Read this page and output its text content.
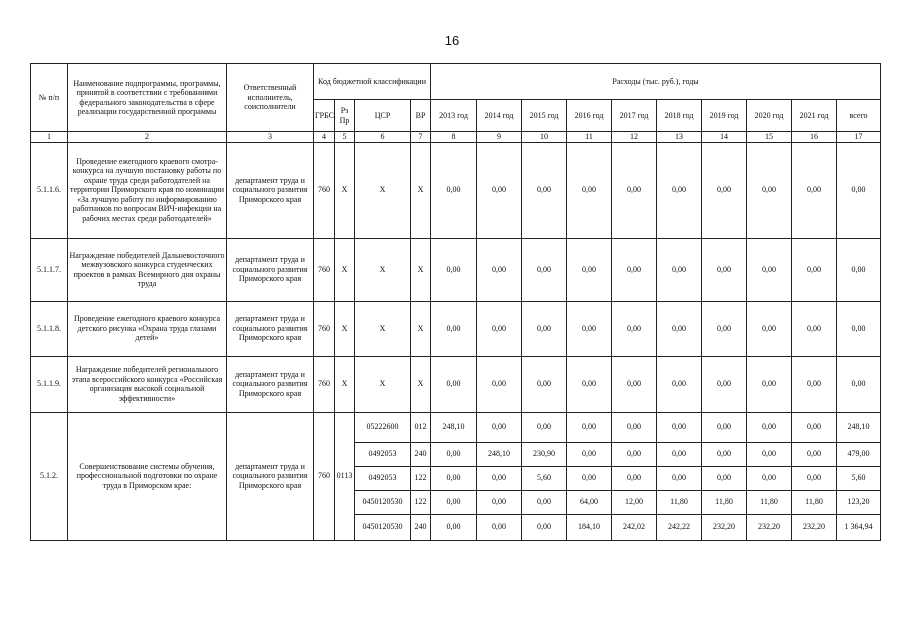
16
№ п/п	Наименование подпрограммы, программы, принятой в соответствии с требованиями федерального законодательства в сфере реализации государственной программы	Ответственный исполнитель, соисполнители	Код бюджетной классификации				Расходы (тыс. руб.), годы									
			ГРБС	Рз Пр	ЦСР	ВР	2013 год	2014 год	2015 год	2016 год	2017 год	2018 год	2019 год	2020 год	2021 год	всего
1	2	3	4	5	6	7	8	9	10	11	12	13	14	15	16	17
5.1.1.6.	Проведение ежегодного краевого смотра-конкурса на лучшую постановку работы по охране труда среди работодателей на территории Приморского края по номинации «За лучшую работу по информированию работников по вопросам ВИЧ-инфекции на рабочих местах среди работодателей»	департамент труда и социального развития Приморского края	760	Х	Х	Х	0,00	0,00	0,00	0,00	0,00	0,00	0,00	0,00	0,00	0,00
5.1.1.7.	Награждение победителей Дальневосточного межвузовского конкурса студенческих проектов в рамках Всемирного дня охраны труда	департамент труда и социального развития Приморского края	760	Х	Х	Х	0,00	0,00	0,00	0,00	0,00	0,00	0,00	0,00	0,00	0,00
5.1.1.8.	Проведение ежегодного краевого конкурса детского рисунка «Охрана труда глазами детей»	департамент труда и социального развития Приморского края	760	Х	Х	Х	0,00	0,00	0,00	0,00	0,00	0,00	0,00	0,00	0,00	0,00
5.1.1.9.	Награждение победителей регионального этапа всероссийского конкурса «Российская организация высокой социальной эффективности»	департамент труда и социального развития Приморского края	760	Х	Х	Х	0,00	0,00	0,00	0,00	0,00	0,00	0,00	0,00	0,00	0,00
5.1.2.	Совершенствование системы обучения, профессиональной подготовки по охране труда в Приморском крае:	департамент труда и социального развития Приморского края	760	0113	05222600	012	248,10	0,00	0,00	0,00	0,00	0,00	0,00	0,00	0,00	248,10
					0492053	240	0,00	248,10	230,90	0,00	0,00	0,00	0,00	0,00	0,00	479,00
					0492053	122	0,00	0,00	5,60	0,00	0,00	0,00	0,00	0,00	0,00	5,60
					0450120530	122	0,00	0,00	0,00	64,00	12,00	11,80	11,80	11,80	11,80	123,20
					0450120530	240	0,00	0,00	0,00	184,10	242,02	242,22	232,20	232,20	232,20	1 364,94
